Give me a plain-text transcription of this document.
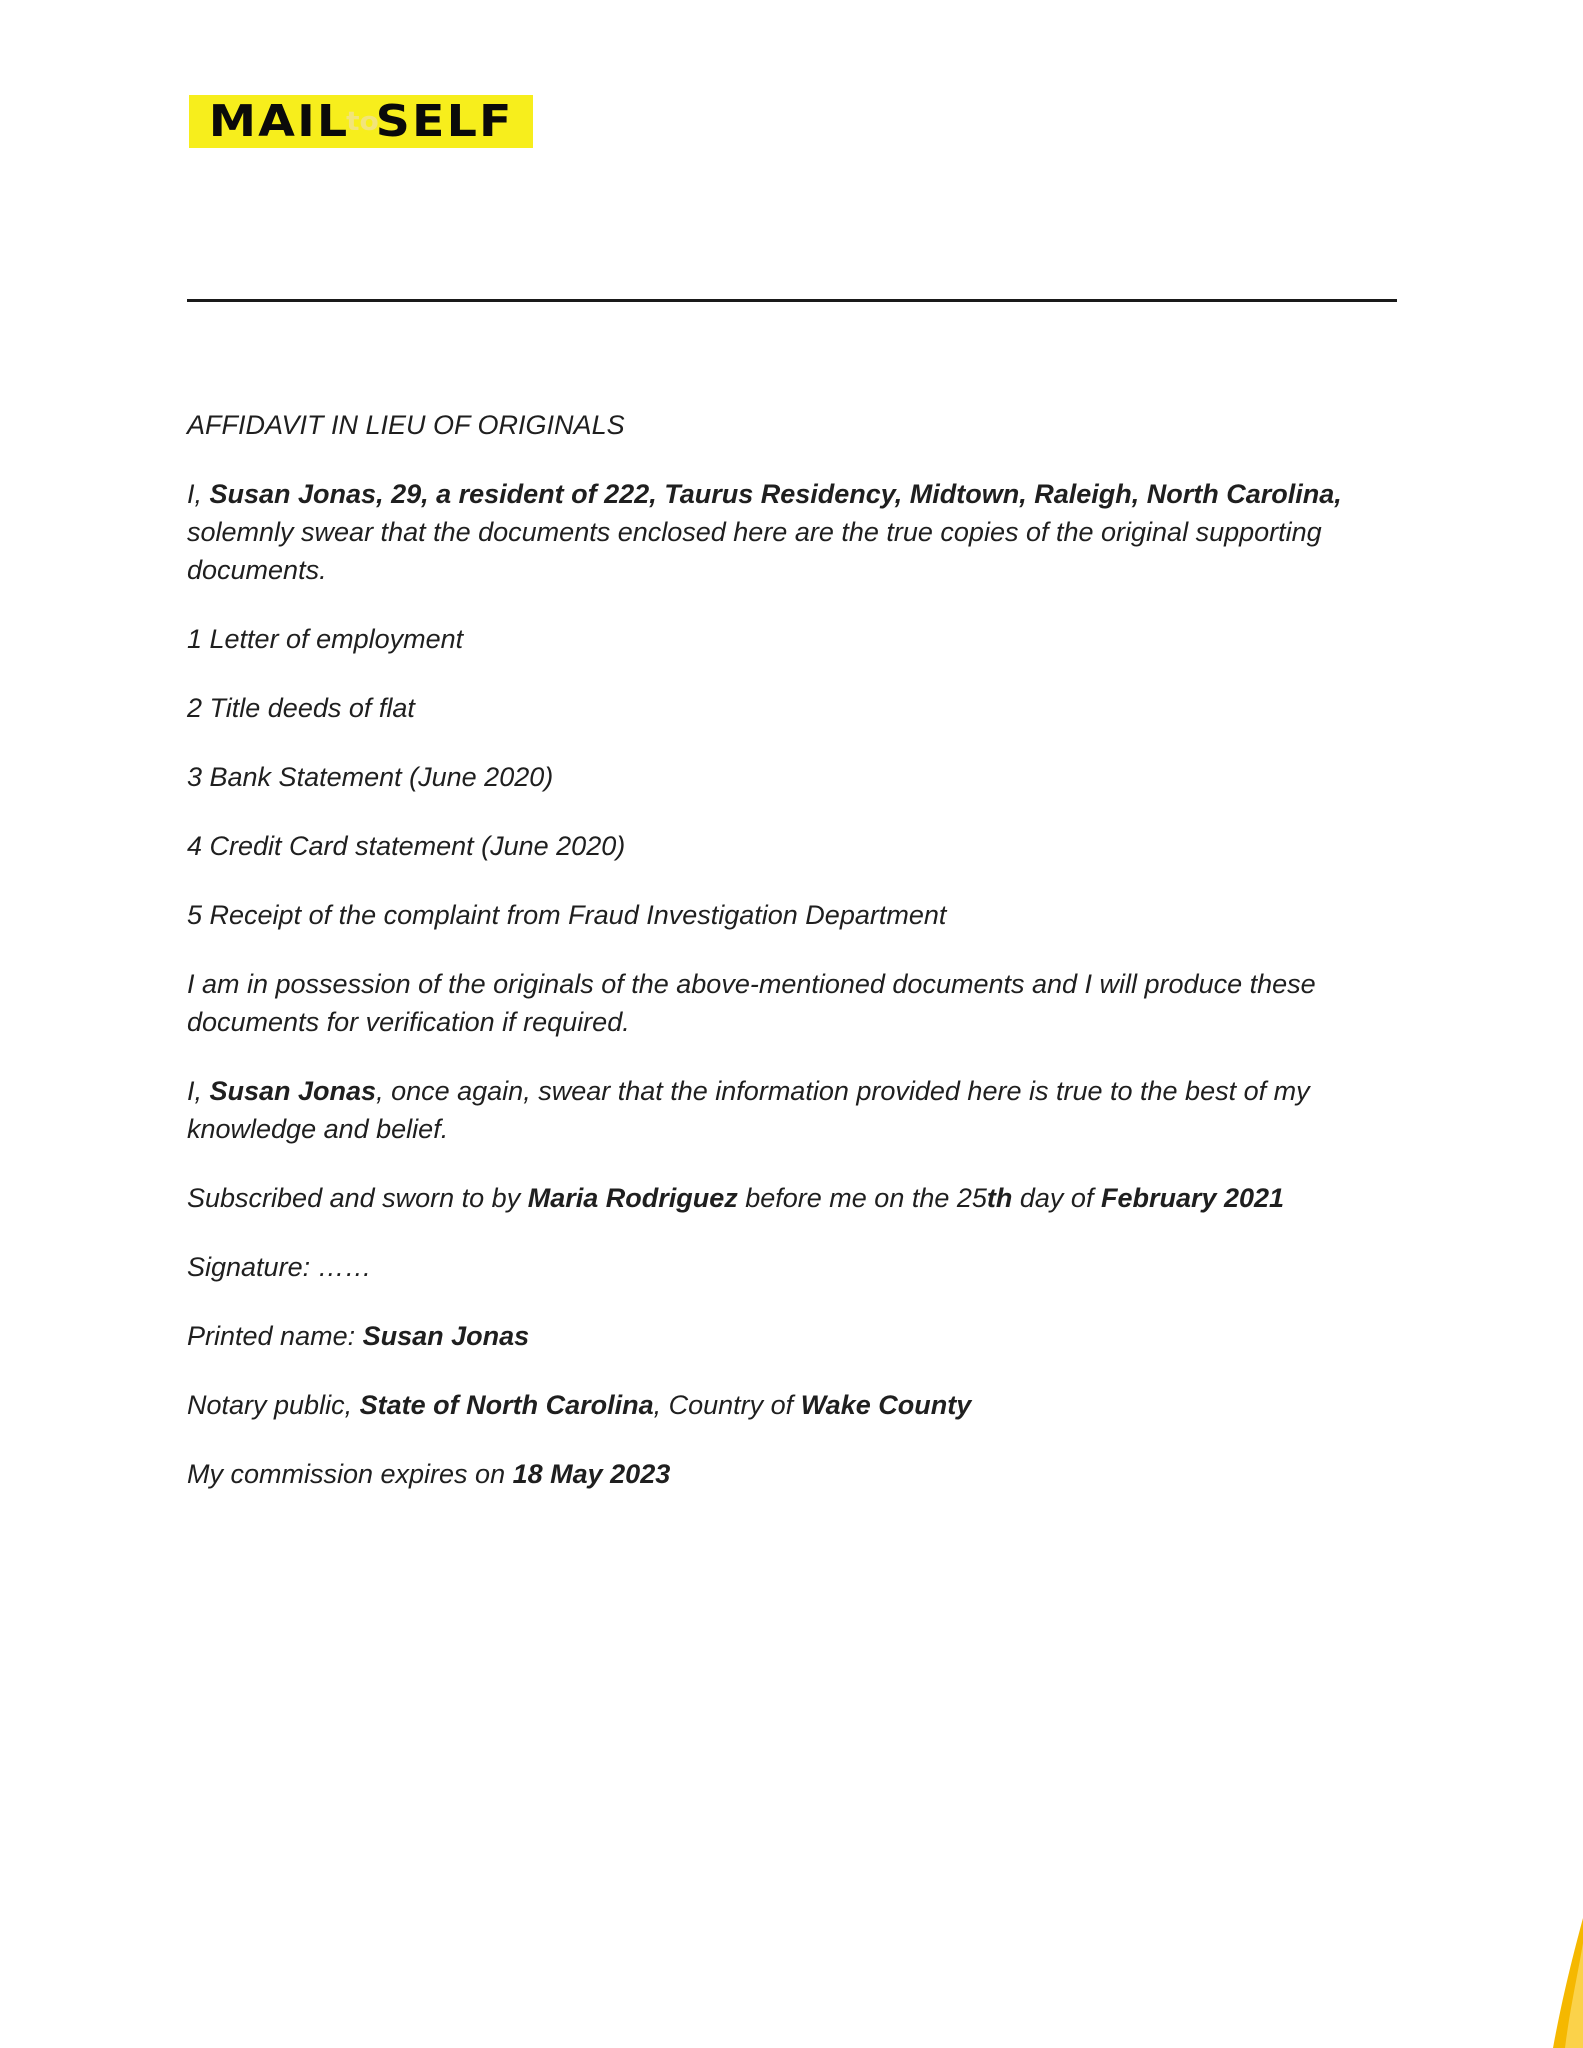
MAILtoSELF

AFFIDAVIT IN LIEU OF ORIGINALS

I, Susan Jonas, 29, a resident of 222, Taurus Residency, Midtown, Raleigh, North Carolina, solemnly swear that the documents enclosed here are the true copies of the original supporting documents.

1 Letter of employment

2 Title deeds of flat

3 Bank Statement (June 2020)

4 Credit Card statement (June 2020)

5 Receipt of the complaint from Fraud Investigation Department

I am in possession of the originals of the above-mentioned documents and I will produce these documents for verification if required.

I, Susan Jonas, once again, swear that the information provided here is true to the best of my knowledge and belief.

Subscribed and sworn to by Maria Rodriguez before me on the 25th day of February 2021

Signature: ……

Printed name: Susan Jonas

Notary public, State of North Carolina, Country of Wake County

My commission expires on 18 May 2023
